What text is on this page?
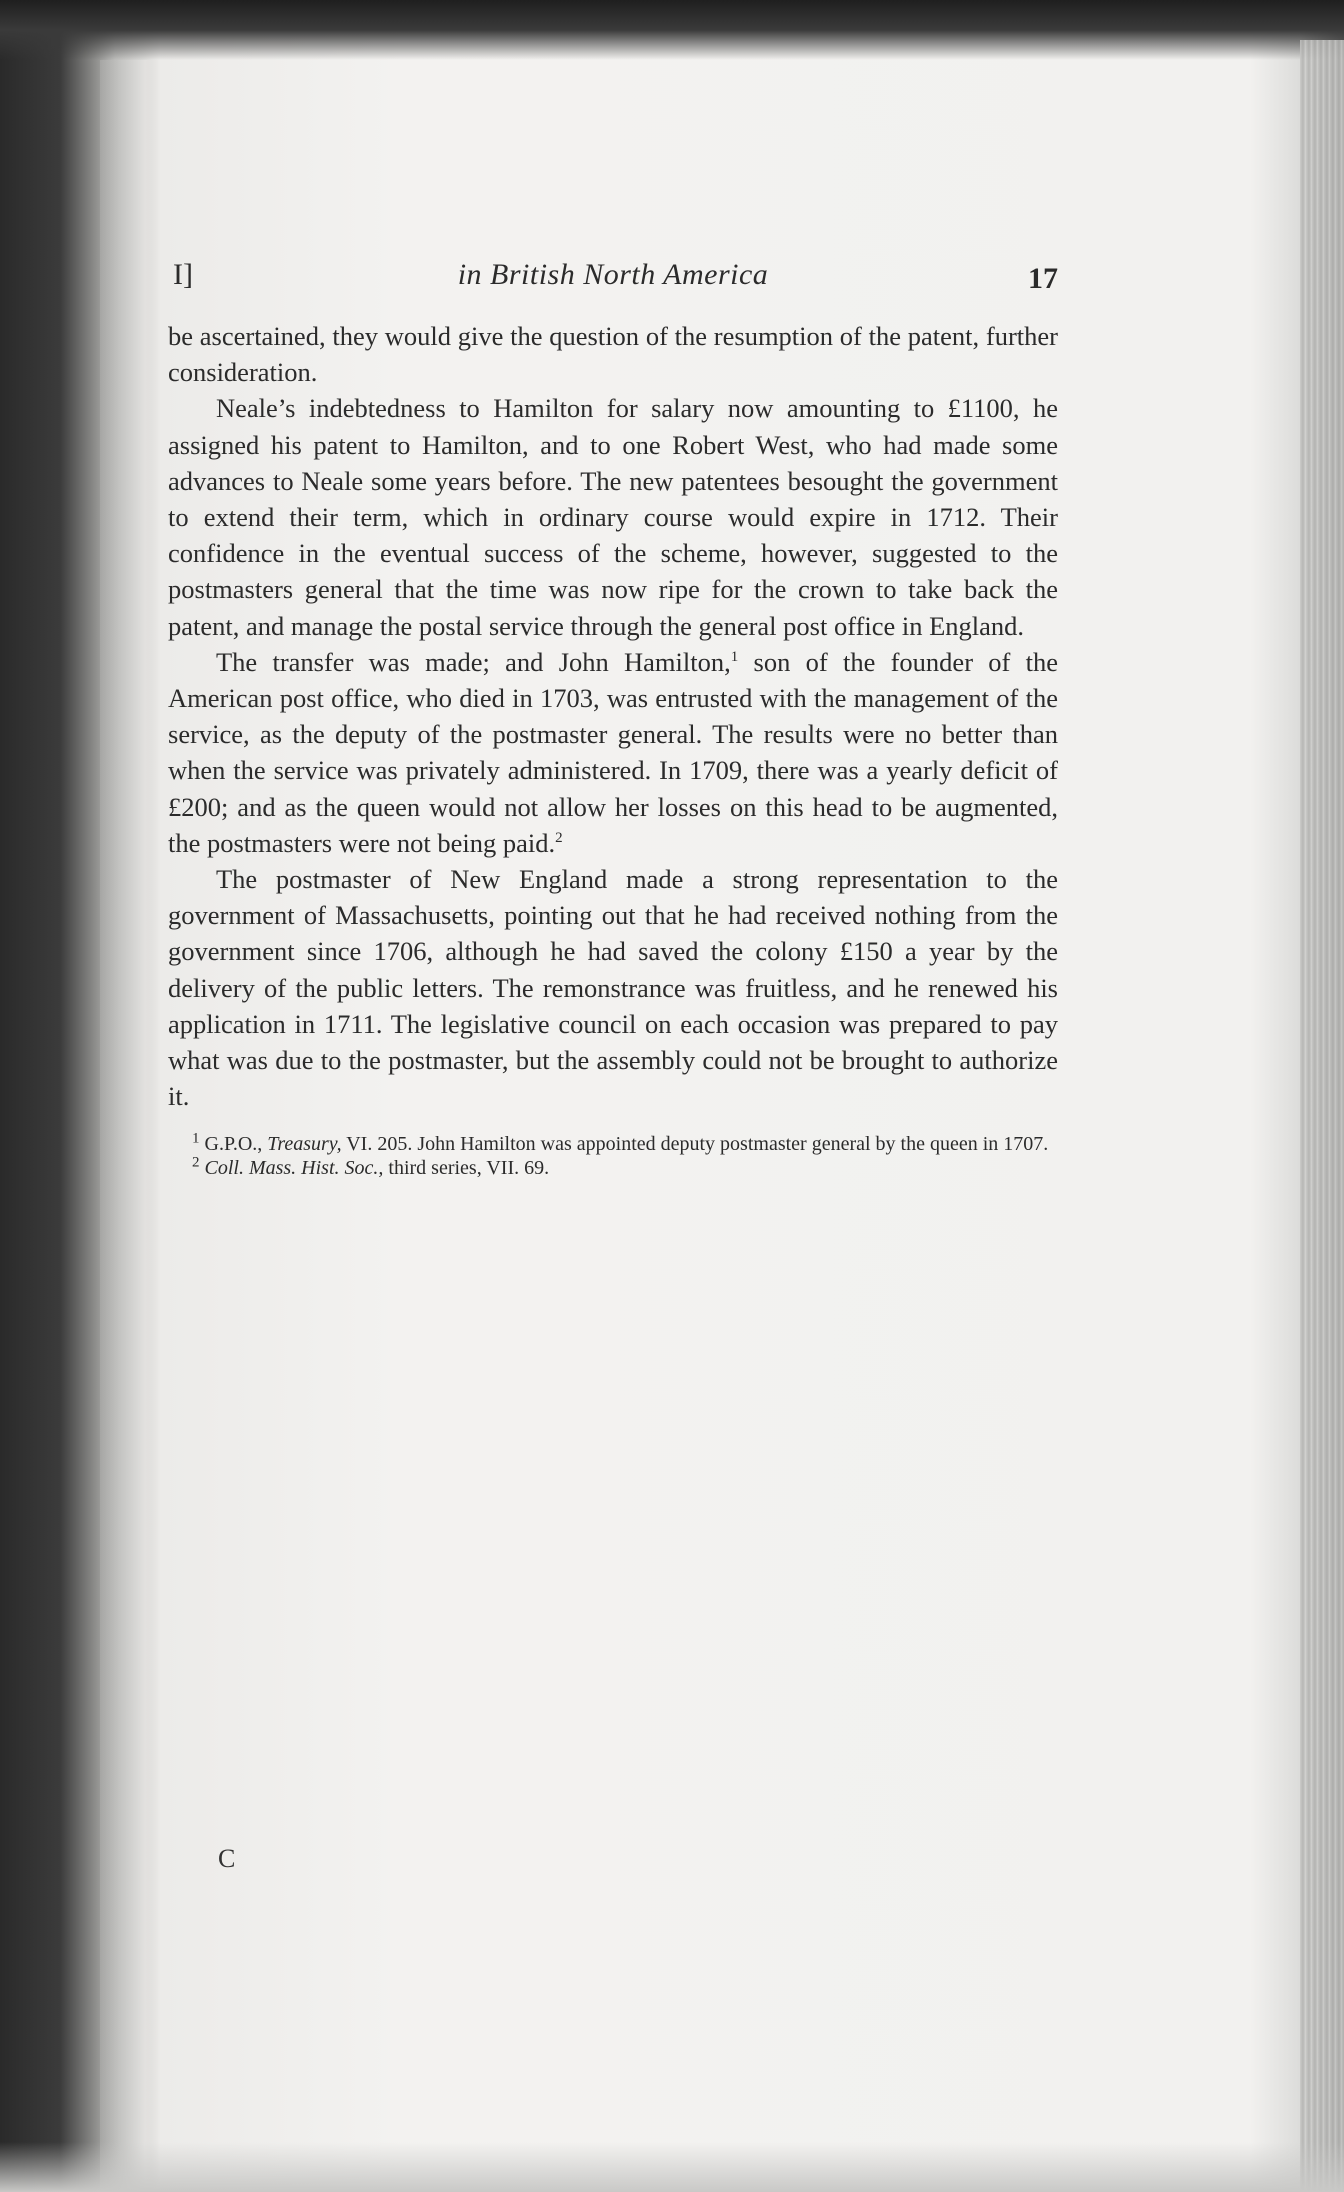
I]	in British North America	17

be ascertained, they would give the question of the resumption of the patent, further consideration.

Neale’s indebtedness to Hamilton for salary now amounting to £1100, he assigned his patent to Hamilton, and to one Robert West, who had made some advances to Neale some years before. The new patentees besought the government to extend their term, which in ordinary course would expire in 1712. Their confidence in the eventual success of the scheme, however, suggested to the postmasters general that the time was now ripe for the crown to take back the patent, and manage the postal service through the general post office in England.

The transfer was made; and John Hamilton,$^1$ son of the founder of the American post office, who died in 1703, was entrusted with the management of the service, as the deputy of the postmaster general. The results were no better than when the service was privately administered. In 1709, there was a yearly deficit of £200; and as the queen would not allow her losses on this head to be augmented, the postmasters were not being paid.$^2$

The postmaster of New England made a strong representation to the government of Massachusetts, pointing out that he had received nothing from the government since 1706, although he had saved the colony £150 a year by the delivery of the public letters. The remonstrance was fruitless, and he renewed his application in 1711. The legislative council on each occasion was prepared to pay what was due to the postmaster, but the assembly could not be brought to authorize it.

$^1$ G.P.O., Treasury, VI. 205. John Hamilton was appointed deputy postmaster general by the queen in 1707.

$^2$ Coll. Mass. Hist. Soc., third series, VII. 69.

C
